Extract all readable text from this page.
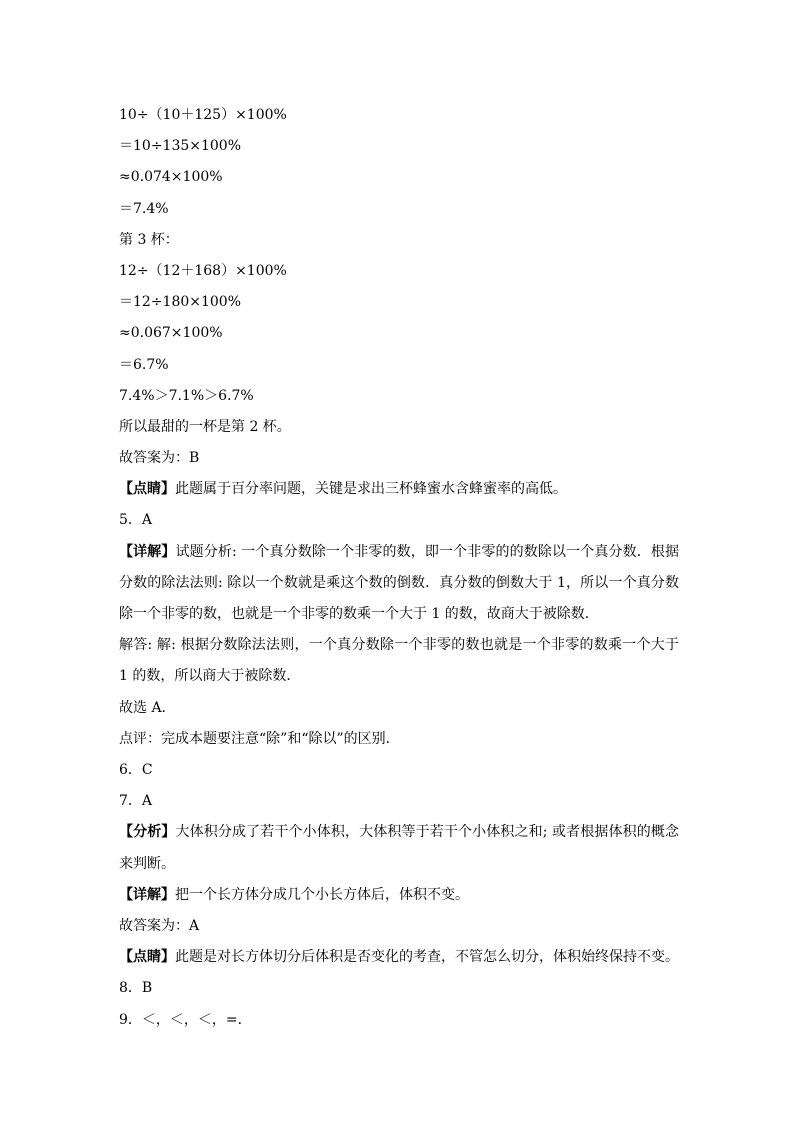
10÷（10＋125）×100%
＝10÷135×100%
≈0.074×100%
＝7.4%
第 3 杯：
12÷（12＋168）×100%
＝12÷180×100%
≈0.067×100%
＝6.7%
7.4%＞7.1%＞6.7%
所以最甜的一杯是第 2 杯。
故答案为：B
【点睛】此题属于百分率问题，关键是求出三杯蜂蜜水含蜂蜜率的高低。
5．A
【详解】试题分析: 一个真分数除一个非零的数，即一个非零的的数除以一个真分数．根据分数的除法法则: 除以一个数就是乘这个数的倒数．真分数的倒数大于 1，所以一个真分数除一个非零的数，也就是一个非零的数乘一个大于 1 的数，故商大于被除数．
解答: 解: 根据分数除法法则，一个真分数除一个非零的数也就是一个非零的数乘一个大于 1 的数，所以商大于被除数．
故选 A．
点评：完成本题要注意“除”和“除以”的区别．
6．C
7．A
【分析】大体积分成了若干个小体积，大体积等于若干个小体积之和; 或者根据体积的概念来判断。
【详解】把一个长方体分成几个小长方体后，体积不变。
故答案为：A
【点睛】此题是对长方体切分后体积是否变化的考查，不管怎么切分，体积始终保持不变。
8．B
9．＜，＜，＜，=．
